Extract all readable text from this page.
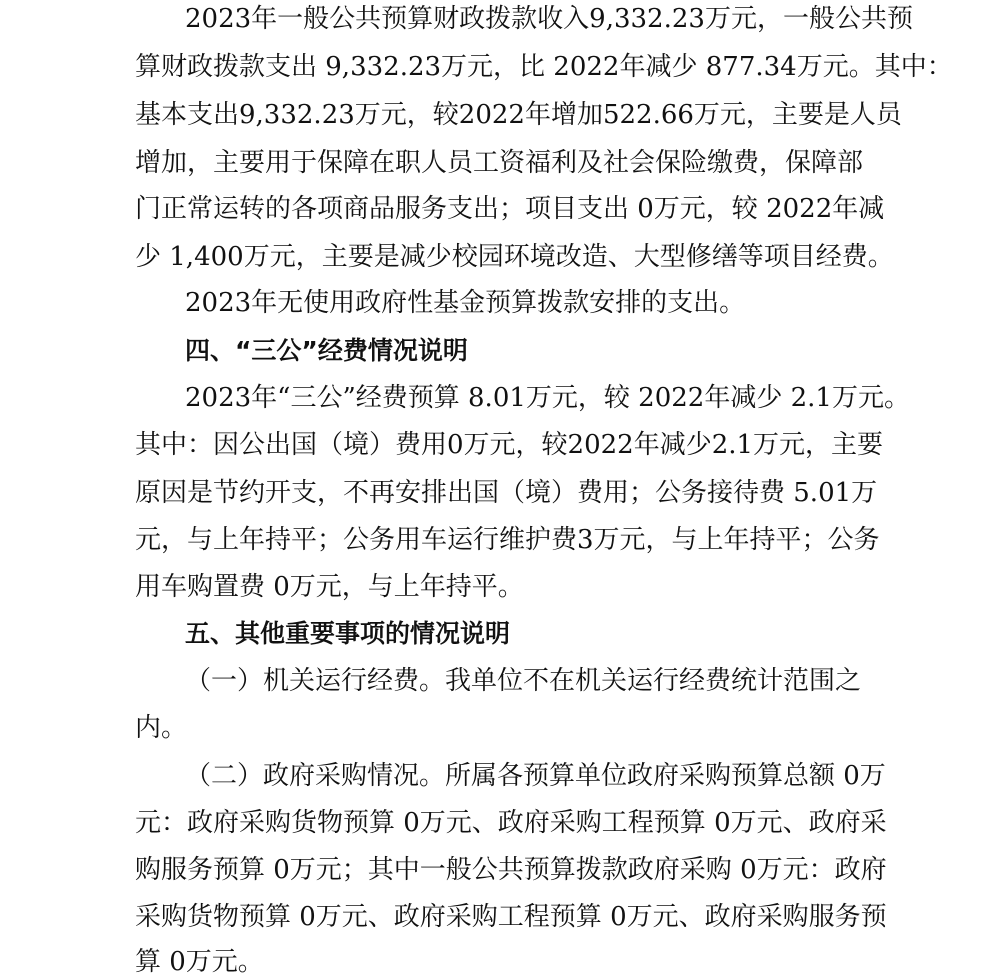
2023年一般公共预算财政拨款收入9,332.23万元，一般公共预
算财政拨款支出 9,332.23万元，比 2022年减少 877.34万元。其中：
基本支出9,332.23万元，较2022年增加522.66万元，主要是人员
增加，主要用于保障在职人员工资福利及社会保险缴费，保障部
门正常运转的各项商品服务支出；项目支出 0万元，较 2022年减
少 1,400万元，主要是减少校园环境改造、大型修缮等项目经费。
2023年无使用政府性基金预算拨款安排的支出。
四、“三公”经费情况说明
2023年“三公”经费预算 8.01万元，较 2022年减少 2.1万元。
其中：因公出国（境）费用0万元，较2022年减少2.1万元，主要
原因是节约开支，不再安排出国（境）费用；公务接待费 5.01万
元，与上年持平；公务用车运行维护费3万元，与上年持平；公务
用车购置费 0万元，与上年持平。
五、其他重要事项的情况说明
（一）机关运行经费。我单位不在机关运行经费统计范围之
内。
（二）政府采购情况。所属各预算单位政府采购预算总额 0万
元：政府采购货物预算 0万元、政府采购工程预算 0万元、政府采
购服务预算 0万元；其中一般公共预算拨款政府采购 0万元：政府
采购货物预算 0万元、政府采购工程预算 0万元、政府采购服务预
算 0万元。
